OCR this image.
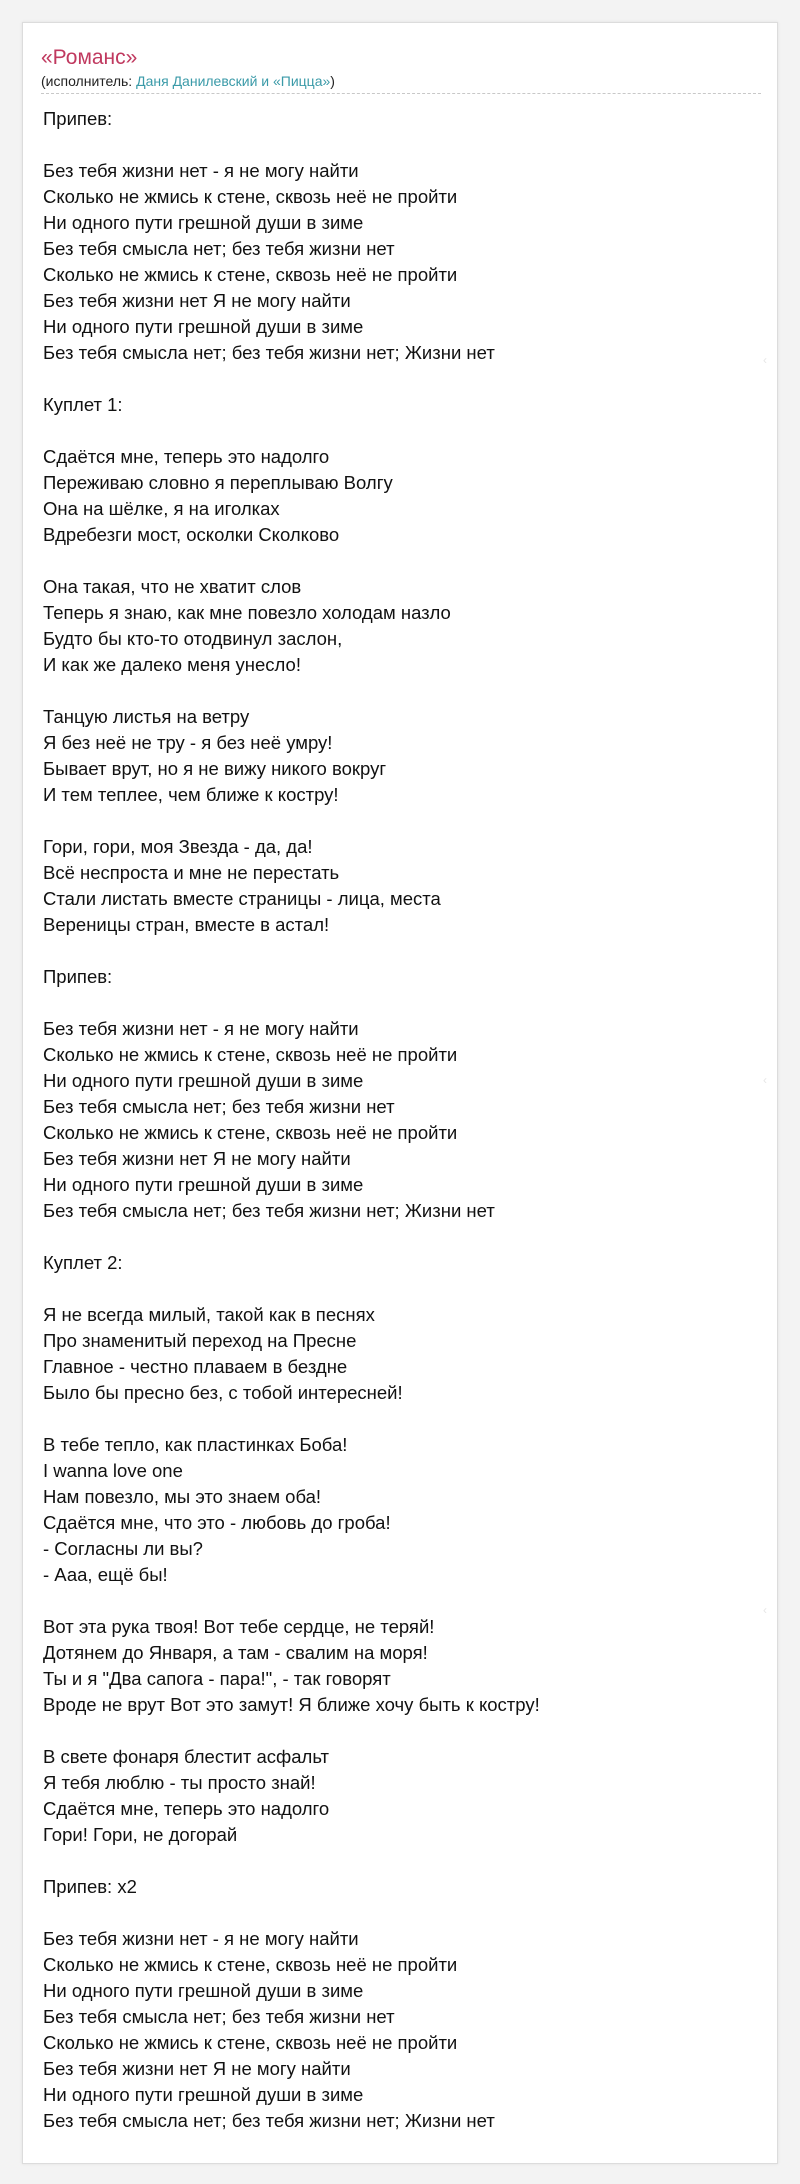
«Романс»
(исполнитель: Даня Данилевский и «Пицца»)
Припев:

Без тебя жизни нет - я не могу найти
Сколько не жмись к стене, сквозь неё не пройти
Ни одного пути грешной души в зиме
Без тебя смысла нет; без тебя жизни нет
Сколько не жмись к стене, сквозь неё не пройти
Без тебя жизни нет Я не могу найти
Ни одного пути грешной души в зиме
Без тебя смысла нет; без тебя жизни нет; Жизни нет

Куплет 1:

Сдаётся мне, теперь это надолго
Переживаю словно я переплываю Волгу
Она на шёлке, я на иголках
Вдребезги мост, осколки Сколково

Она такая, что не хватит слов
Теперь я знаю, как мне повезло холодам назло
Будто бы кто-то отодвинул заслон,
И как же далеко меня унесло!

Танцую листья на ветру
Я без неё не тру - я без неё умру!
Бывает врут, но я не вижу никого вокруг
И тем теплее, чем ближе к костру!

Гори, гори, моя Звезда - да, да!
Всё неспроста и мне не перестать
Стали листать вместе страницы - лица, места
Вереницы стран, вместе в астал!

Припев:

Без тебя жизни нет - я не могу найти
Сколько не жмись к стене, сквозь неё не пройти
Ни одного пути грешной души в зиме
Без тебя смысла нет; без тебя жизни нет
Сколько не жмись к стене, сквозь неё не пройти
Без тебя жизни нет Я не могу найти
Ни одного пути грешной души в зиме
Без тебя смысла нет; без тебя жизни нет; Жизни нет

Куплет 2:

Я не всегда милый, такой как в песнях
Про знаменитый переход на Пресне
Главное - честно плаваем в бездне
Было бы пресно без, с тобой интересней!

В тебе тепло, как пластинках Боба!
I wanna love one
Нам повезло, мы это знаем оба!
Сдаётся мне, что это - любовь до гроба!
- Согласны ли вы?
- Ааа, ещё бы!

Вот эта рука твоя! Вот тебе сердце, не теряй!
Дотянем до Января, а там - свалим на моря!
Ты и я "Два сапога - пара!", - так говорят
Вроде не врут Вот это замут! Я ближе хочу быть к костру!

В свете фонаря блестит асфальт
Я тебя люблю - ты просто знай!
Сдаётся мне, теперь это надолго
Гори! Гори, не догорай

Припев: x2

Без тебя жизни нет - я не могу найти
Сколько не жмись к стене, сквозь неё не пройти
Ни одного пути грешной души в зиме
Без тебя смысла нет; без тебя жизни нет
Сколько не жмись к стене, сквозь неё не пройти
Без тебя жизни нет Я не могу найти
Ни одного пути грешной души в зиме
Без тебя смысла нет; без тебя жизни нет; Жизни нет
‹
‹
‹
